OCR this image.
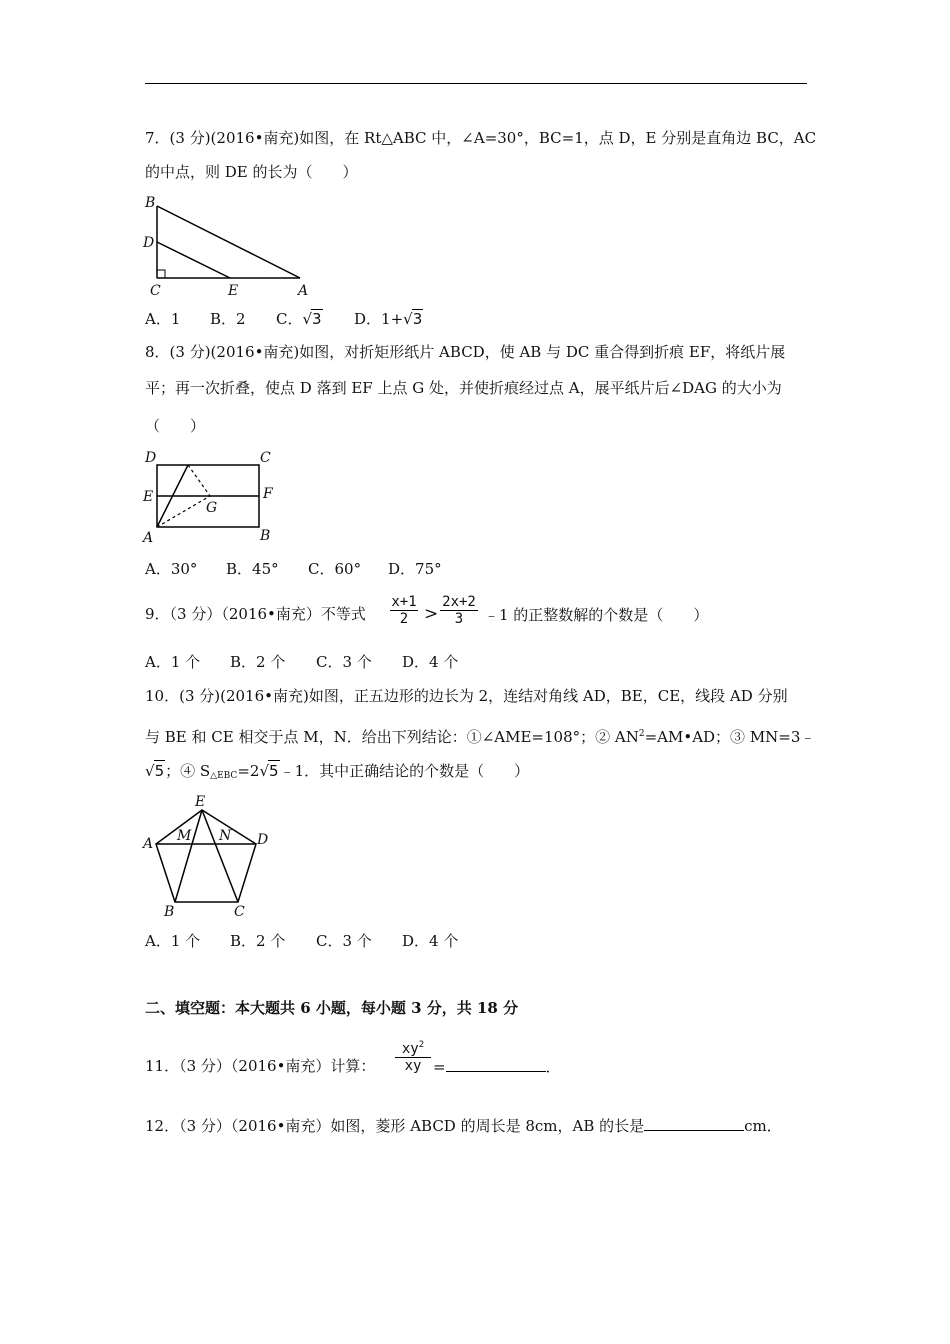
7．(3 分)(2016•南充)如图，在 Rt△ABC 中，∠A=30°，BC=1，点 D，E 分别是直角边 BC，AC
的中点，则 DE 的长为（　　）
B
D
C	E	A
A．1 B．2 C．√3 D．1+√3
8．(3 分)(2016•南充)如图，对折矩形纸片 ABCD，使 AB 与 DC 重合得到折痕 EF，将纸片展
平；再一次折叠，使点 D 落到 EF 上点 G 处，并使折痕经过点 A，展平纸片后∠DAG 的大小为
（　　）
D	C
E	F
G
A	B
A．30° B．45° C．60° D．75°
9．（3 分）（2016•南充）不等式 $\frac{x+1}{2} > \frac{2x+2}{3}$ ﹣1 的正整数解的个数是（　　）
A．1 个 B．2 个 C．3 个 D．4 个
10．(3 分)(2016•南充)如图，正五边形的边长为 2，连结对角线 AD，BE，CE，线段 AD 分别
与 BE 和 CE 相交于点 M，N．给出下列结论：①∠AME=108°；② $AN^2=AM•AD$；③ MN=3﹣
√5；④ $S_{\triangle EBC}=2√5﹣1$．其中正确结论的个数是（　　）
E
A M N D
B	C
A．1 个 B．2 个 C．3 个 D．4 个
二、填空题：本大题共 6 小题，每小题 3 分，共 18 分
11．（3 分）（2016•南充）计算： $\frac{xy^2}{xy}$ =	．
12．（3 分）（2016•南充）如图，菱形 ABCD 的周长是 8cm，AB 的长是	cm．
